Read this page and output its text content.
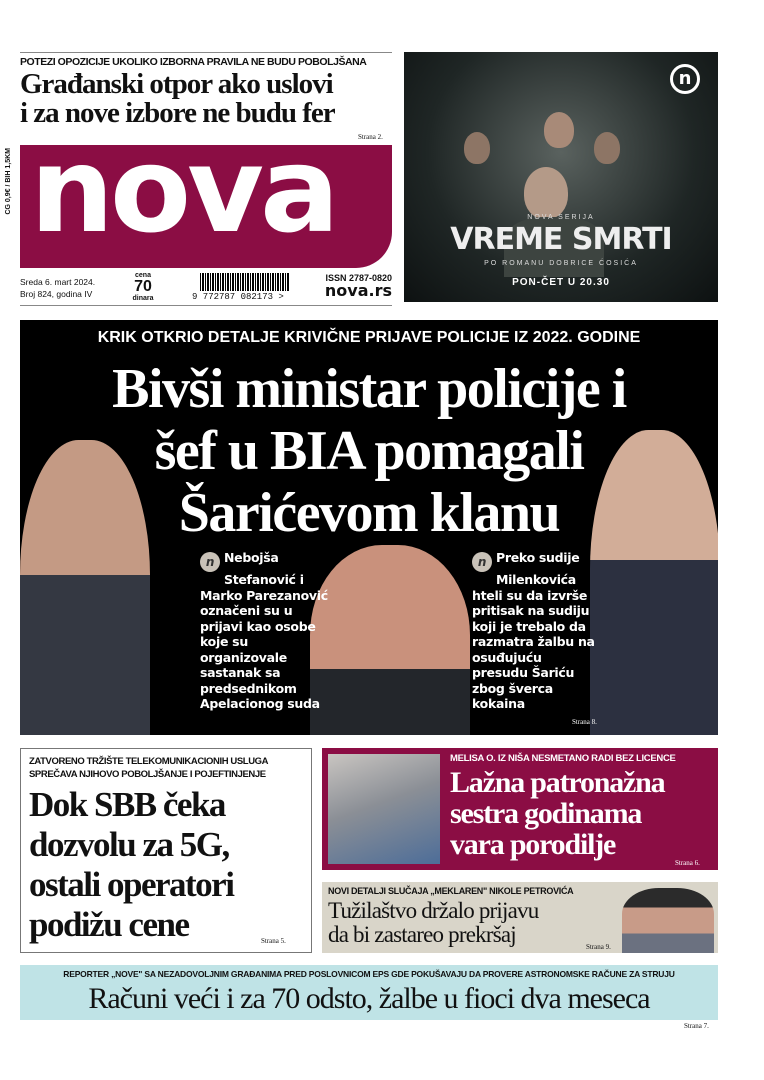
POTEZI OPOZICIJE UKOLIKO IZBORNA PRAVILA NE BUDU POBOLJŠANA
Građanski otpor ako uslovi
i za nove izbore ne budu fer
Strana 2.
CG 0,9€ / BIH 1,5KM nova
Sreda 6. mart 2024.
Broj 824, godina IV
cena
70
dinara	9 772787 082173 >
ISSN 2787-0820
nova.rs
n
NOVA SERIJA
VREME SMRTI
PO ROMANU DOBRICE ĆOSIĆA
PON-ČET U 20.30
KRIK OTKRIO DETALJE KRIVIČNE PRIJAVE POLICIJE IZ 2022. GODINE
Bivši ministar policije i
šef u BIA pomagali
Šarićevom klanu
n Nebojša
Stefanović i
Marko Parezanović
označeni su u
prijavi kao osobe
koje su
organizovale
sastanak sa
predsednikom
Apelacionog suda
n Preko sudije
Milenkovića
hteli su da izvrše
pritisak na sudiju
koji je trebalo da
razmatra žalbu na
osuđujuću
presudu Šariću
zbog šverca
kokaina
Strana 8.
ZATVORENO TRŽIŠTE TELEKOMUNIKACIONIH USLUGA
SPREČAVA NJIHOVO POBOLJŠANJE I POJEFTINJENJE
Dok SBB čeka
dozvolu za 5G,
ostali operatori
podižu cene	Strana 5.
MELISA O. IZ NIŠA NESMETANO RADI BEZ LICENCE
Lažna patronažna
sestra godinama
vara porodilje
Strana 6.
NOVI DETALJI SLUČAJA „MEKLAREN" NIKOLE PETROVIĆA
Tužilaštvo držalo prijavu
da bi zastareo prekršaj	Strana 9.
REPORTER „NOVE" SA NEZADOVOLJNIM GRAĐANIMA PRED POSLOVNICOM EPS GDE POKUŠAVAJU DA PROVERE ASTRONOMSKE RAČUNE ZA STRUJU
Računi veći i za 70 odsto, žalbe u fioci dva meseca
Strana 7.
